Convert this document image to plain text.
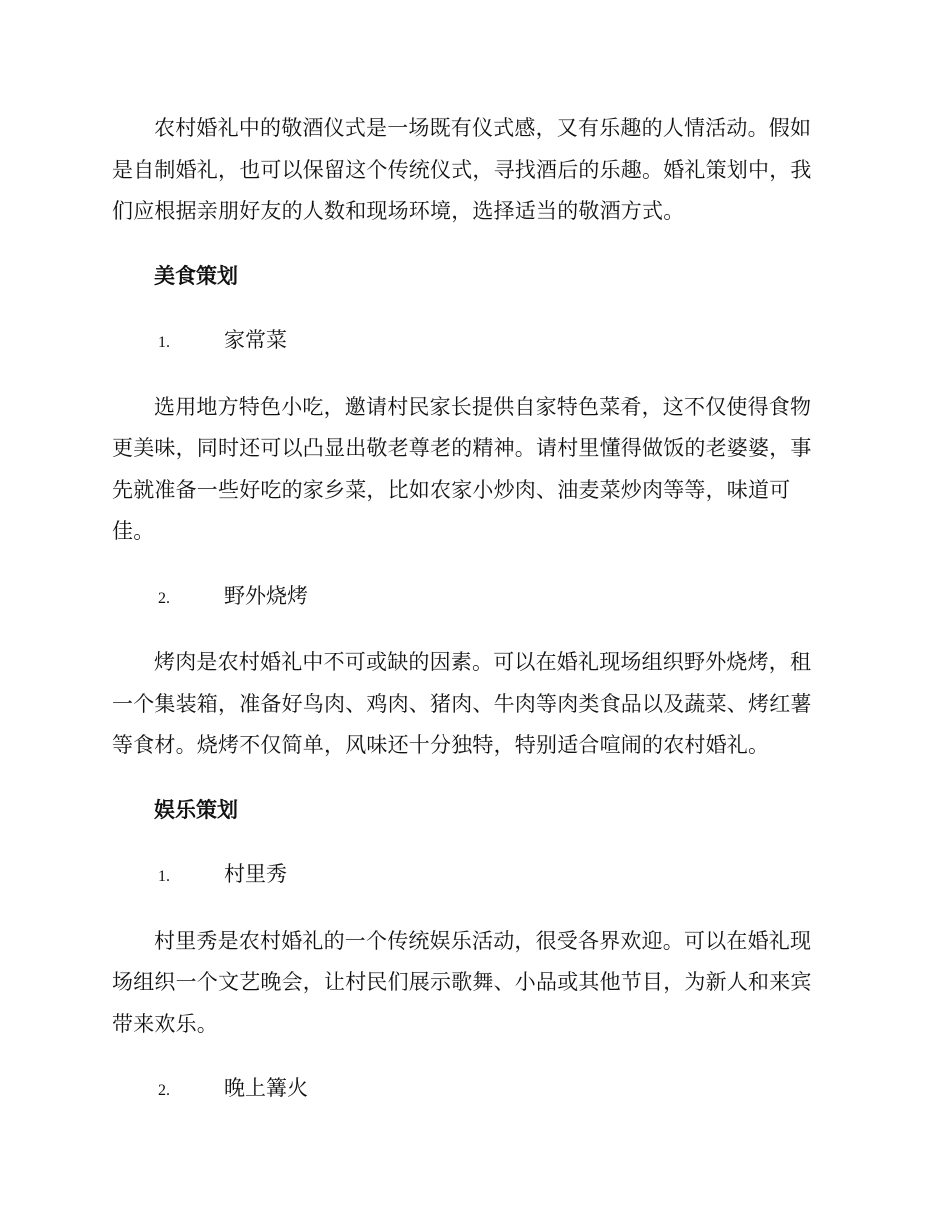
农村婚礼中的敬酒仪式是一场既有仪式感，又有乐趣的人情活动。假如是自制婚礼，也可以保留这个传统仪式，寻找酒后的乐趣。婚礼策划中，我们应根据亲朋好友的人数和现场环境，选择适当的敬酒方式。

美食策划
1.	家常菜

选用地方特色小吃，邀请村民家长提供自家特色菜肴，这不仅使得食物更美味，同时还可以凸显出敬老尊老的精神。请村里懂得做饭的老婆婆，事先就准备一些好吃的家乡菜，比如农家小炒肉、油麦菜炒肉等等，味道可佳。

2.	野外烧烤

烤肉是农村婚礼中不可或缺的因素。可以在婚礼现场组织野外烧烤，租一个集装箱，准备好鸟肉、鸡肉、猪肉、牛肉等肉类食品以及蔬菜、烤红薯等食材。烧烤不仅简单，风味还十分独特，特别适合喧闹的农村婚礼。

娱乐策划
1.	村里秀

村里秀是农村婚礼的一个传统娱乐活动，很受各界欢迎。可以在婚礼现场组织一个文艺晚会，让村民们展示歌舞、小品或其他节目，为新人和来宾带来欢乐。

2.	晚上篝火
